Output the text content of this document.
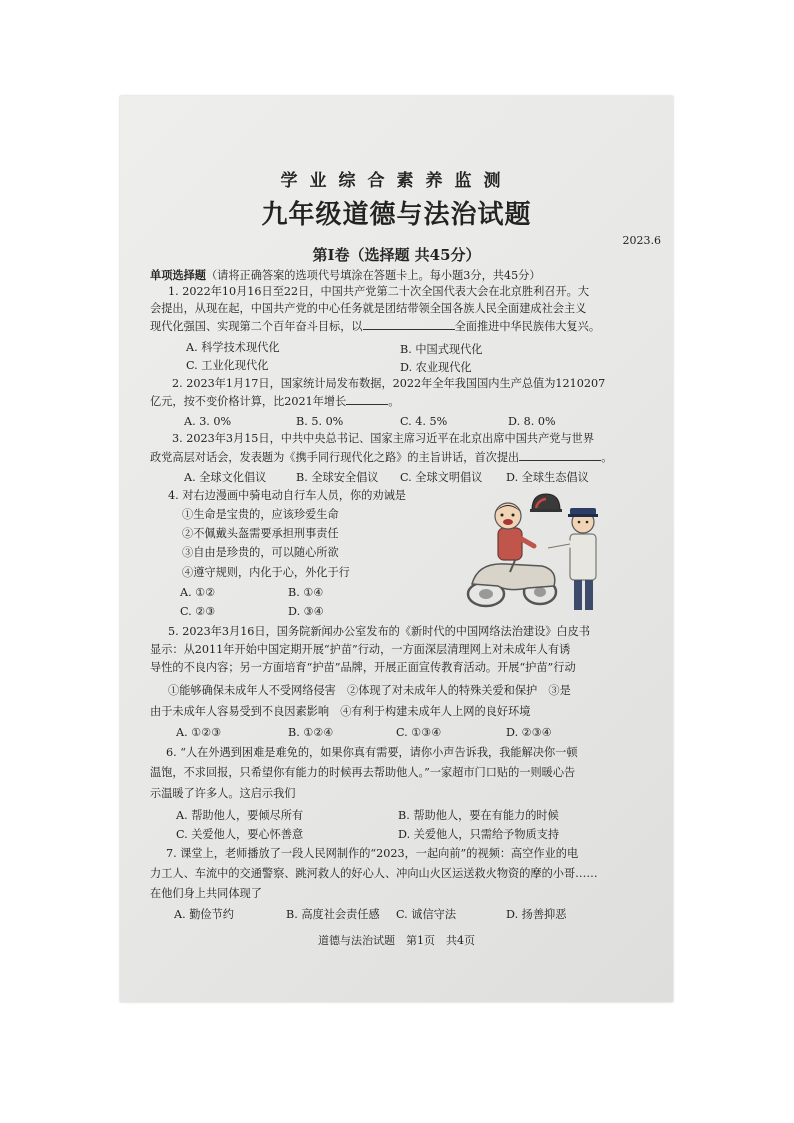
学业综合素养监测
九年级道德与法治试题
2023.6
第Ⅰ卷（选择题 共45分）
单项选择题（请将正确答案的选项代号填涂在答题卡上。每小题3分，共45分）
1. 2022年10月16日至22日，中国共产党第二十次全国代表大会在北京胜利召开。大
会提出，从现在起，中国共产党的中心任务就是团结带领全国各族人民全面建成社会主义
现代化强国、实现第二个百年奋斗目标，以	全面推进中华民族伟大复兴。
A. 科学技术现代化	B. 中国式现代化
C. 工业化现代化	D. 农业现代化
2. 2023年1月17日，国家统计局发布数据，2022年全年我国国内生产总值为1210207
亿元，按不变价格计算，比2021年增长	。
A. 3. 0%	B. 5. 0%	C. 4. 5%	D. 8. 0%
3. 2023年3月15日，中共中央总书记、国家主席习近平在北京出席中国共产党与世界
政党高层对话会，发表题为《携手同行现代化之路》的主旨讲话，首次提出	。
A. 全球文化倡议	B. 全球安全倡议 C. 全球文明倡议 D. 全球生态倡议
4. 对右边漫画中骑电动自行车人员，你的劝诫是
①生命是宝贵的，应该珍爱生命
②不佩戴头盔需要承担刑事责任
③自由是珍贵的，可以随心所欲
④遵守规则，内化于心，外化于行
A. ①②	B. ①④
C. ②③	D. ③④
5. 2023年3月16日，国务院新闻办公室发布的《新时代的中国网络法治建设》白皮书
显示：从2011年开始中国定期开展“护苗”行动，一方面深层清理网上对未成年人有诱
导性的不良内容；另一方面培育“护苗”品牌，开展正面宣传教育活动。开展“护苗”行动
①能够确保未成年人不受网络侵害　②体现了对未成年人的特殊关爱和保护　③是
由于未成年人容易受到不良因素影响　④有利于构建未成年人上网的良好环境
A. ①②③	B. ①②④	C. ①③④	D. ②③④
6. “人在外遇到困难是难免的，如果你真有需要，请你小声告诉我，我能解决你一顿
温饱，不求回报，只希望你有能力的时候再去帮助他人。”一家超市门口贴的一则暖心告
示温暖了许多人。这启示我们
A. 帮助他人，要倾尽所有	B. 帮助他人，要在有能力的时候
C. 关爱他人，要心怀善意	D. 关爱他人，只需给予物质支持
7. 课堂上，老师播放了一段人民网制作的“2023，一起向前”的视频：高空作业的电
力工人、车流中的交通警察、跳河救人的好心人、冲向山火区运送救火物资的摩的小哥……
在他们身上共同体现了
A. 勤俭节约	B. 高度社会责任感 C. 诚信守法	D. 扬善抑恶
道德与法治试题　第1页　共4页
